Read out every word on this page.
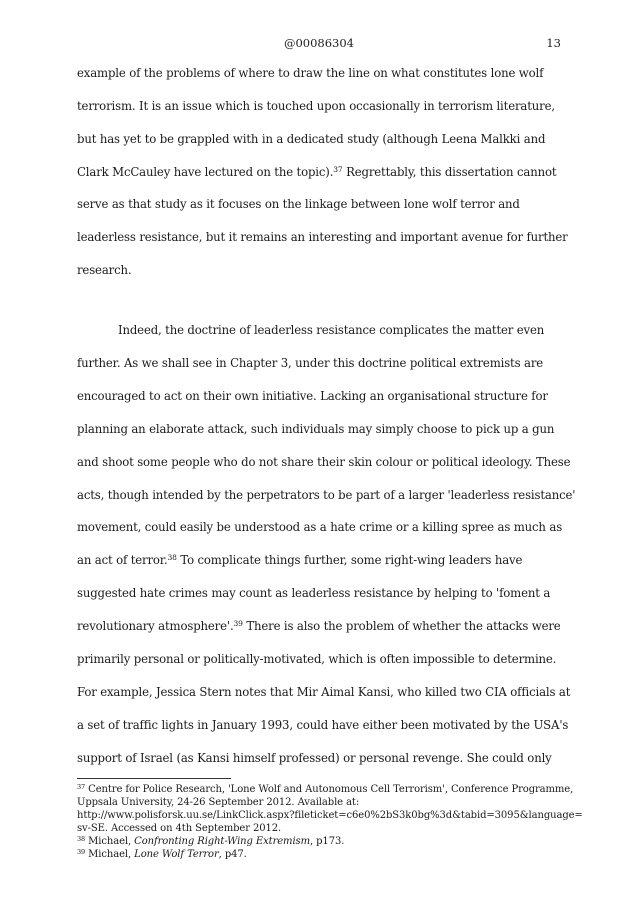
@00086304	13
example of the problems of where to draw the line on what constitutes lone wolf
terrorism. It is an issue which is touched upon occasionally in terrorism literature,
but has yet to be grappled with in a dedicated study (although Leena Malkki and
Clark McCauley have lectured on the topic).$^{37}$ Regrettably, this dissertation cannot
serve as that study as it focuses on the linkage between lone wolf terror and
leaderless resistance, but it remains an interesting and important avenue for further
research.
Indeed, the doctrine of leaderless resistance complicates the matter even
further. As we shall see in Chapter 3, under this doctrine political extremists are
encouraged to act on their own initiative. Lacking an organisational structure for
planning an elaborate attack, such individuals may simply choose to pick up a gun
and shoot some people who do not share their skin colour or political ideology. These
acts, though intended by the perpetrators to be part of a larger 'leaderless resistance'
movement, could easily be understood as a hate crime or a killing spree as much as
an act of terror.$^{38}$ To complicate things further, some right-wing leaders have
suggested hate crimes may count as leaderless resistance by helping to 'foment a
revolutionary atmosphere'.$^{39}$ There is also the problem of whether the attacks were
primarily personal or politically-motivated, which is often impossible to determine.
For example, Jessica Stern notes that Mir Aimal Kansi, who killed two CIA officials at
a set of traffic lights in January 1993, could have either been motivated by the USA's
support of Israel (as Kansi himself professed) or personal revenge. She could only
$^{37}$ Centre for Police Research, 'Lone Wolf and Autonomous Cell Terrorism', Conference Programme,
Uppsala University, 24-26 September 2012. Available at:
http://www.polisforsk.uu.se/LinkClick.aspx?fileticket=c6e0%2bS3k0bg%3d&tabid=3095&language=
sv-SE. Accessed on 4th September 2012.
$^{38}$ Michael, Confronting Right-Wing Extremism, p173.
$^{39}$ Michael, Lone Wolf Terror, p47.
